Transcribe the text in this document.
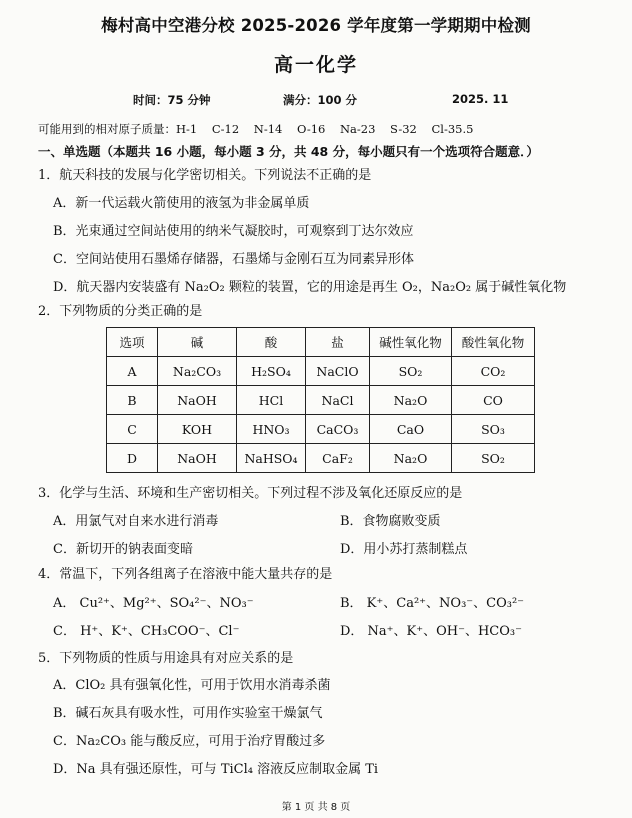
梅村高中空港分校 2025-2026 学年度第一学期期中检测
高一化学
时间：75 分钟	满分：100 分	2025. 11
可能用到的相对原子质量：H-1    C-12    N-14    O-16    Na-23    S-32    Cl-35.5
一、单选题（本题共 16 小题，每小题 3 分，共 48 分，每小题只有一个选项符合题意．）
1．航天科技的发展与化学密切相关。下列说法不正确的是
A．新一代运载火箭使用的液氢为非金属单质
B．光束通过空间站使用的纳米气凝胶时，可观察到丁达尔效应
C．空间站使用石墨烯存储器，石墨烯与金刚石互为同素异形体
D．航天器内安装盛有 Na₂O₂ 颗粒的装置，它的用途是再生 O₂，Na₂O₂ 属于碱性氧化物
2．下列物质的分类正确的是
选项	碱	酸	盐	碱性氧化物	酸性氧化物
A	Na₂CO₃	H₂SO₄	NaClO	SO₂	CO₂
B	NaOH	HCl	NaCl	Na₂O	CO
C	KOH	HNO₃	CaCO₃	CaO	SO₃
D	NaOH	NaHSO₄	CaF₂	Na₂O	SO₂
3．化学与生活、环境和生产密切相关。下列过程不涉及氧化还原反应的是
A．用氯气对自来水进行消毒	B．食物腐败变质
C．新切开的钠表面变暗	D．用小苏打蒸制糕点
4．常温下，下列各组离子在溶液中能大量共存的是
A． Cu²⁺、Mg²⁺、SO₄²⁻、NO₃⁻	B． K⁺、Ca²⁺、NO₃⁻、CO₃²⁻
C． H⁺、K⁺、CH₃COO⁻、Cl⁻	D． Na⁺、K⁺、OH⁻、HCO₃⁻
5．下列物质的性质与用途具有对应关系的是
A．ClO₂ 具有强氧化性，可用于饮用水消毒杀菌
B．碱石灰具有吸水性，可用作实验室干燥氯气
C．Na₂CO₃ 能与酸反应，可用于治疗胃酸过多
D．Na 具有强还原性，可与 TiCl₄ 溶液反应制取金属 Ti
第 1 页 共 8 页
